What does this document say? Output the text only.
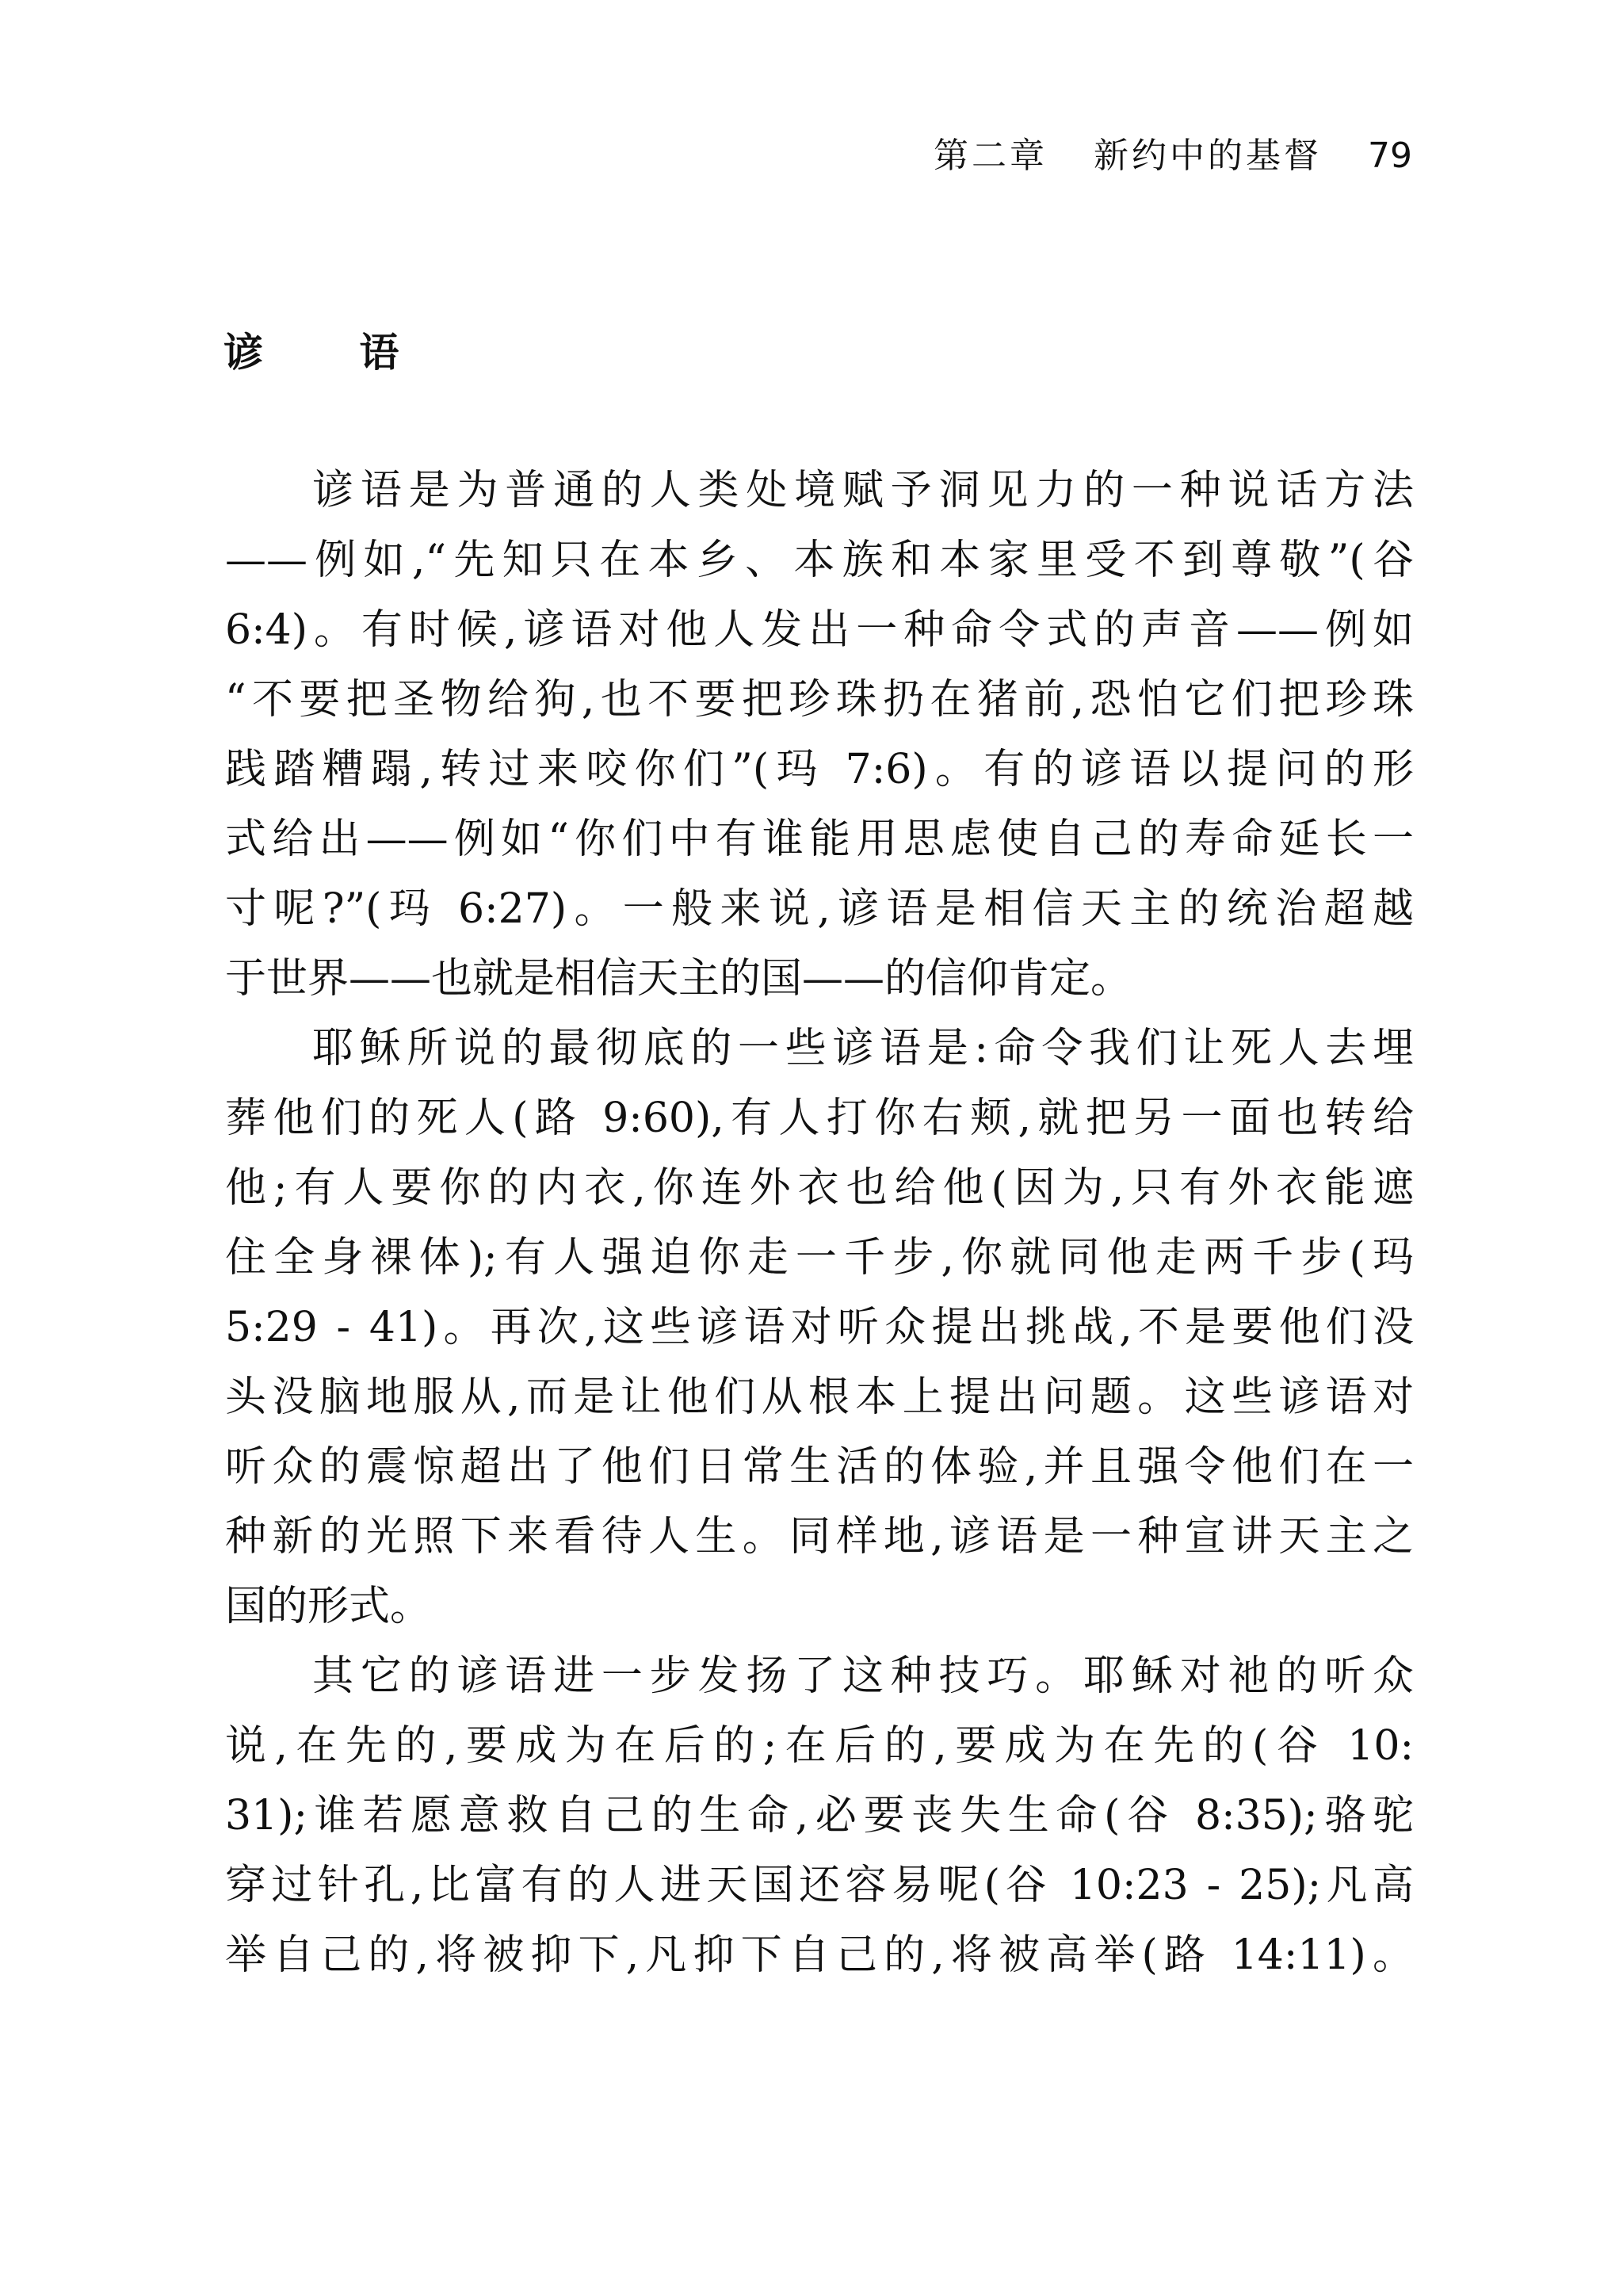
第二章 新约中的基督 79
谚 语
谚语是为普通的人类处境赋予洞见力的一种说话方法
——例如,“先知只在本乡、本族和本家里受不到尊敬”(谷
6:4)。有时候,谚语对他人发出一种命令式的声音——例如
“不要把圣物给狗,也不要把珍珠扔在猪前,恐怕它们把珍珠
践踏糟蹋,转过来咬你们”(玛 7:6)。有的谚语以提问的形
式给出——例如“你们中有谁能用思虑使自己的寿命延长一
寸呢?”(玛 6:27)。一般来说,谚语是相信天主的统治超越
于世界——也就是相信天主的国——的信仰肯定。
耶稣所说的最彻底的一些谚语是:命令我们让死人去埋
葬他们的死人(路 9:60),有人打你右颊,就把另一面也转给
他;有人要你的内衣,你连外衣也给他(因为,只有外衣能遮
住全身裸体);有人强迫你走一千步,你就同他走两千步(玛
5:29 - 41)。再次,这些谚语对听众提出挑战,不是要他们没
头没脑地服从,而是让他们从根本上提出问题。这些谚语对
听众的震惊超出了他们日常生活的体验,并且强令他们在一
种新的光照下来看待人生。同样地,谚语是一种宣讲天主之
国的形式。
其它的谚语进一步发扬了这种技巧。耶稣对祂的听众
说,在先的,要成为在后的;在后的,要成为在先的(谷 10:
31);谁若愿意救自己的生命,必要丧失生命(谷 8:35);骆驼
穿过针孔,比富有的人进天国还容易呢(谷 10:23 - 25);凡高
举自己的,将被抑下,凡抑下自己的,将被高举(路 14:11)。
